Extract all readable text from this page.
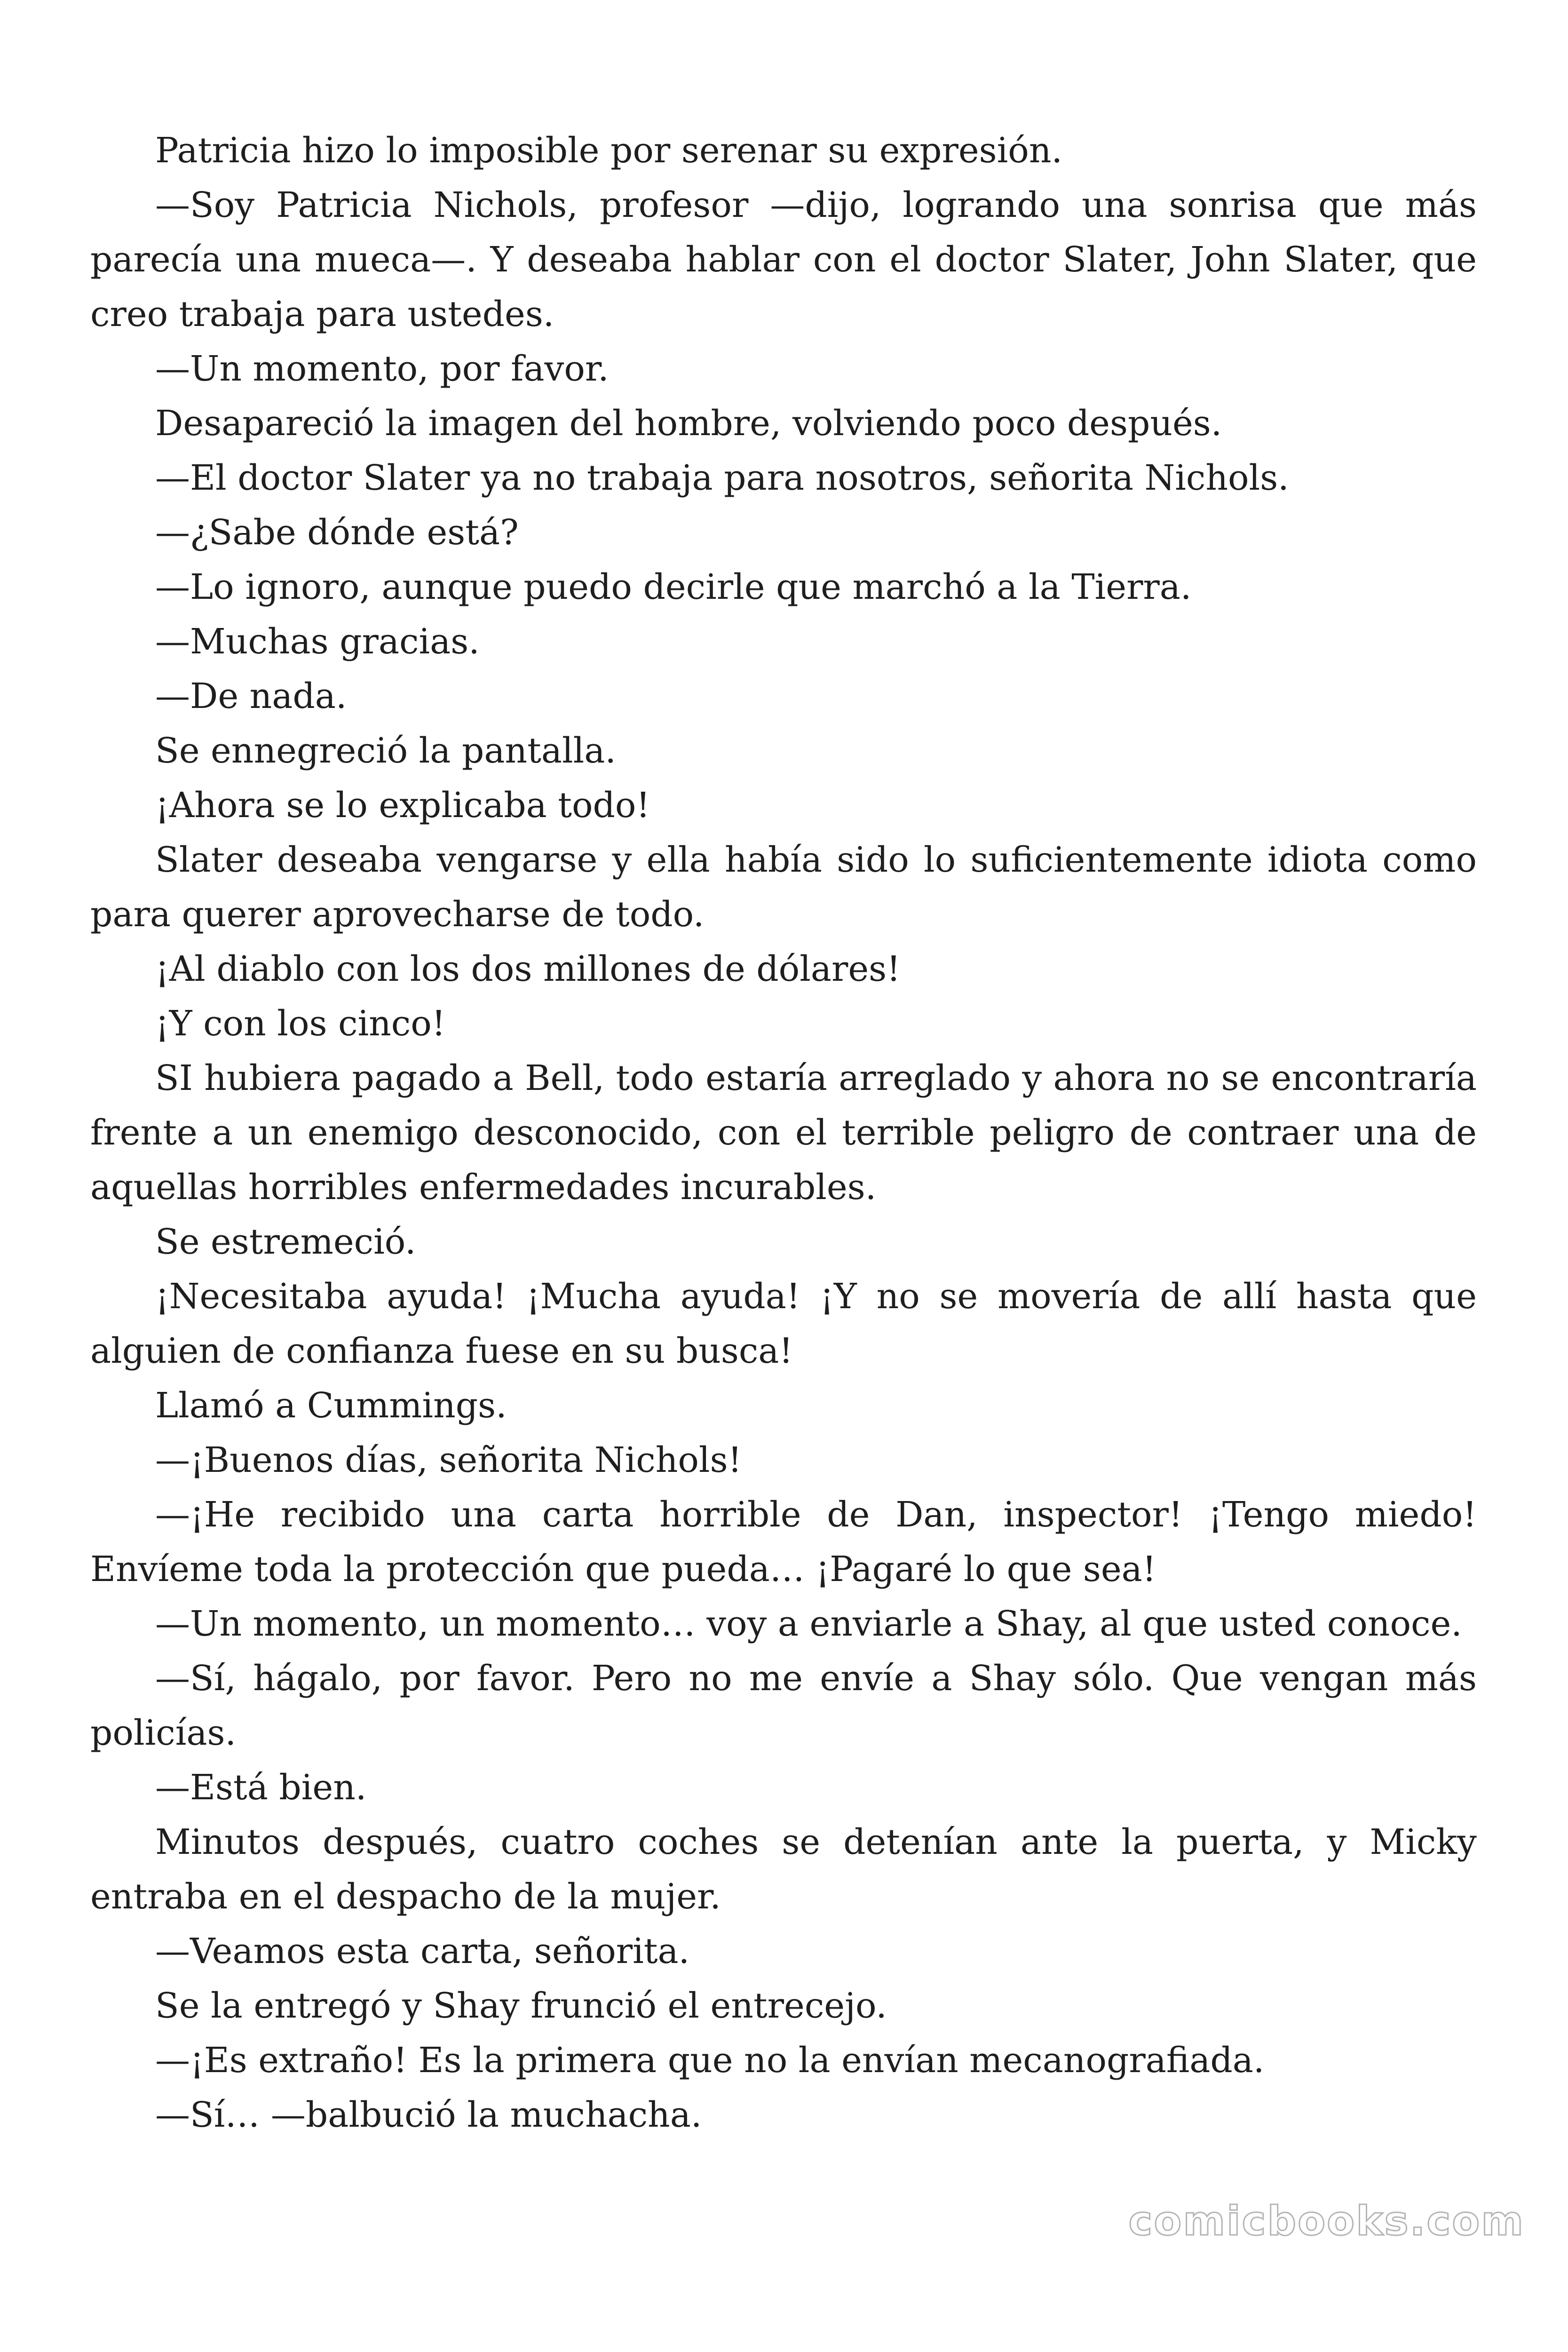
Patricia hizo lo imposible por serenar su expresión.

—Soy Patricia Nichols, profesor —dijo, logrando una sonrisa que más parecía una mueca—. Y deseaba hablar con el doctor Slater, John Slater, que creo trabaja para ustedes.

—Un momento, por favor.

Desapareció la imagen del hombre, volviendo poco después.

—El doctor Slater ya no trabaja para nosotros, señorita Nichols.

—¿Sabe dónde está?

—Lo ignoro, aunque puedo decirle que marchó a la Tierra.

—Muchas gracias.

—De nada.

Se ennegreció la pantalla.

¡Ahora se lo explicaba todo!

Slater deseaba vengarse y ella había sido lo suficientemente idiota como para querer aprovecharse de todo.

¡Al diablo con los dos millones de dólares!

¡Y con los cinco!

SI hubiera pagado a Bell, todo estaría arreglado y ahora no se encontraría frente a un enemigo desconocido, con el terrible peligro de contraer una de aquellas horribles enfermedades incurables.

Se estremeció.

¡Necesitaba ayuda! ¡Mucha ayuda! ¡Y no se movería de allí hasta que alguien de confianza fuese en su busca!

Llamó a Cummings.

—¡Buenos días, señorita Nichols!

—¡He recibido una carta horrible de Dan, inspector! ¡Tengo miedo! Envíeme toda la protección que pueda… ¡Pagaré lo que sea!

—Un momento, un momento… voy a enviarle a Shay, al que usted conoce.

—Sí, hágalo, por favor. Pero no me envíe a Shay sólo. Que vengan más policías.

—Está bien.

Minutos después, cuatro coches se detenían ante la puerta, y Micky entraba en el despacho de la mujer.

—Veamos esta carta, señorita.

Se la entregó y Shay frunció el entrecejo.

—¡Es extraño! Es la primera que no la envían mecanografiada.

—Sí… —balbució la muchacha.

comicbooks.com
